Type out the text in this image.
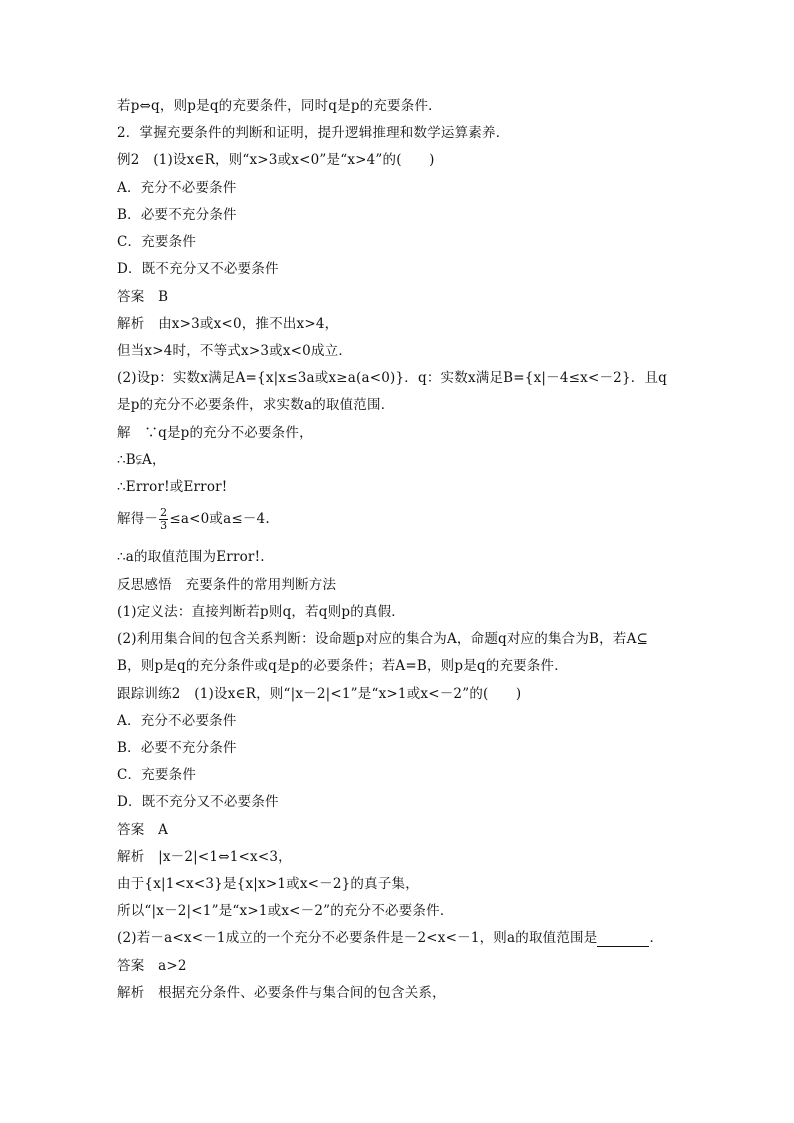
若p⇔q，则p是q的充要条件，同时q是p的充要条件．
2．掌握充要条件的判断和证明，提升逻辑推理和数学运算素养．
例2　(1)设x∈R，则“x>3或x<0”是“x>4”的(　　)
A．充分不必要条件
B．必要不充分条件
C．充要条件
D．既不充分又不必要条件
答案　B
解析　由x>3或x<0，推不出x>4，
但当x>4时，不等式x>3或x<0成立．
(2)设p：实数x满足A={x|x≤3a或x≥a(a<0)}．q：实数x满足B={x|－4≤x<－2}．且q
是p的充分不必要条件，求实数a的取值范围．
解　∵q是p的充分不必要条件，
∴B⫋A，
∴Error!或Error!
解得－ $\frac{2}{3} \le a<0$或a≤－4.
∴a的取值范围为Error!.
反思感悟　充要条件的常用判断方法
(1)定义法：直接判断若p则q，若q则p的真假．
(2)利用集合间的包含关系判断：设命题p对应的集合为A，命题q对应的集合为B，若A⊆
B，则p是q的充分条件或q是p的必要条件；若A=B，则p是q的充要条件．
跟踪训练2　(1)设x∈R，则“|x－2|<1”是“x>1或x<－2”的(　　)
A．充分不必要条件
B．必要不充分条件
C．充要条件
D．既不充分又不必要条件
答案　A
解析　|x－2|<1⇔1<x<3，
由于{x|1<x<3}是{x|x>1或x<－2}的真子集，
所以“|x－2|<1”是“x>1或x<－2”的充分不必要条件．
(2)若－a<x<－1成立的一个充分不必要条件是－2<x<－1，则a的取值范围是	．
答案　a>2
解析　根据充分条件、必要条件与集合间的包含关系，
